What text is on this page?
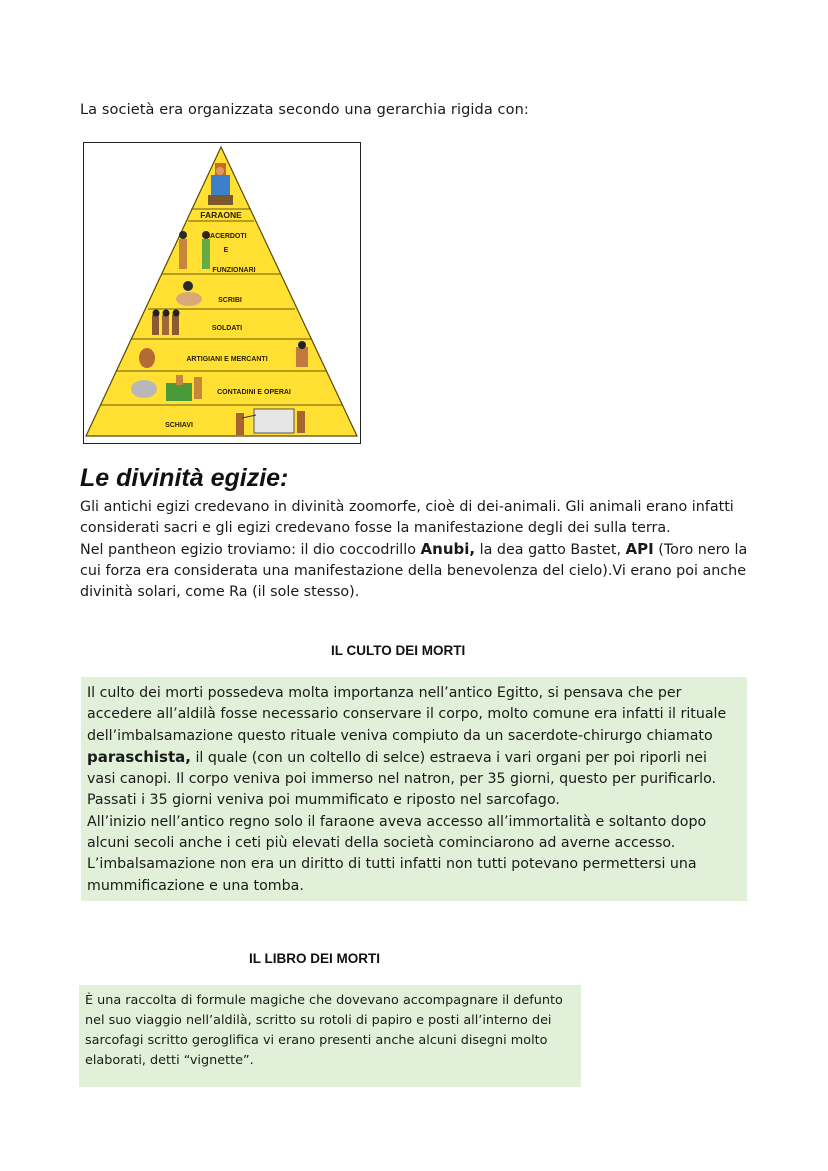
La società era organizzata secondo una gerarchia rigida con:
FARAONE
SACERDOTI
E
FUNZIONARI
SCRIBI
SOLDATI
ARTIGIANI E MERCANTI
CONTADINI E OPERAI
SCHIAVI
Le divinità egizie:

Gli antichi egizi credevano in divinità zoomorfe, cioè di dei-animali. Gli animali erano infatti considerati sacri e gli egizi credevano fosse la manifestazione degli dei sulla terra.

Nel pantheon egizio troviamo: il dio coccodrillo Anubi, la dea gatto Bastet, API (Toro nero la cui forza era considerata una manifestazione della benevolenza del cielo).Vi erano poi anche divinità solari, come Ra (il sole stesso).

IL CULTO DEI MORTI

Il culto dei morti possedeva molta importanza nell’antico Egitto, si pensava che per accedere all’aldilà fosse necessario conservare il corpo, molto comune era infatti il rituale dell’imbalsamazione questo rituale veniva compiuto da un sacerdote-chirurgo chiamato paraschista, il quale (con un coltello di selce) estraeva i vari organi per poi riporli nei vasi canopi. Il corpo veniva poi immerso nel natron, per 35 giorni, questo per purificarlo. Passati i 35 giorni veniva poi mummificato e riposto nel sarcofago.

All’inizio nell’antico regno solo il faraone aveva accesso all’immortalità e soltanto dopo alcuni secoli anche i ceti più elevati della società cominciarono ad averne accesso.

L’imbalsamazione non era un diritto di tutti infatti non tutti potevano permettersi una mummificazione e una tomba.

IL LIBRO DEI MORTI

È una raccolta di formule magiche che dovevano accompagnare il defunto nel suo viaggio nell’aldilà, scritto su rotoli di papiro e posti all’interno dei sarcofagi scritto geroglifica vi erano presenti anche alcuni disegni molto elaborati, detti “vignette”.
